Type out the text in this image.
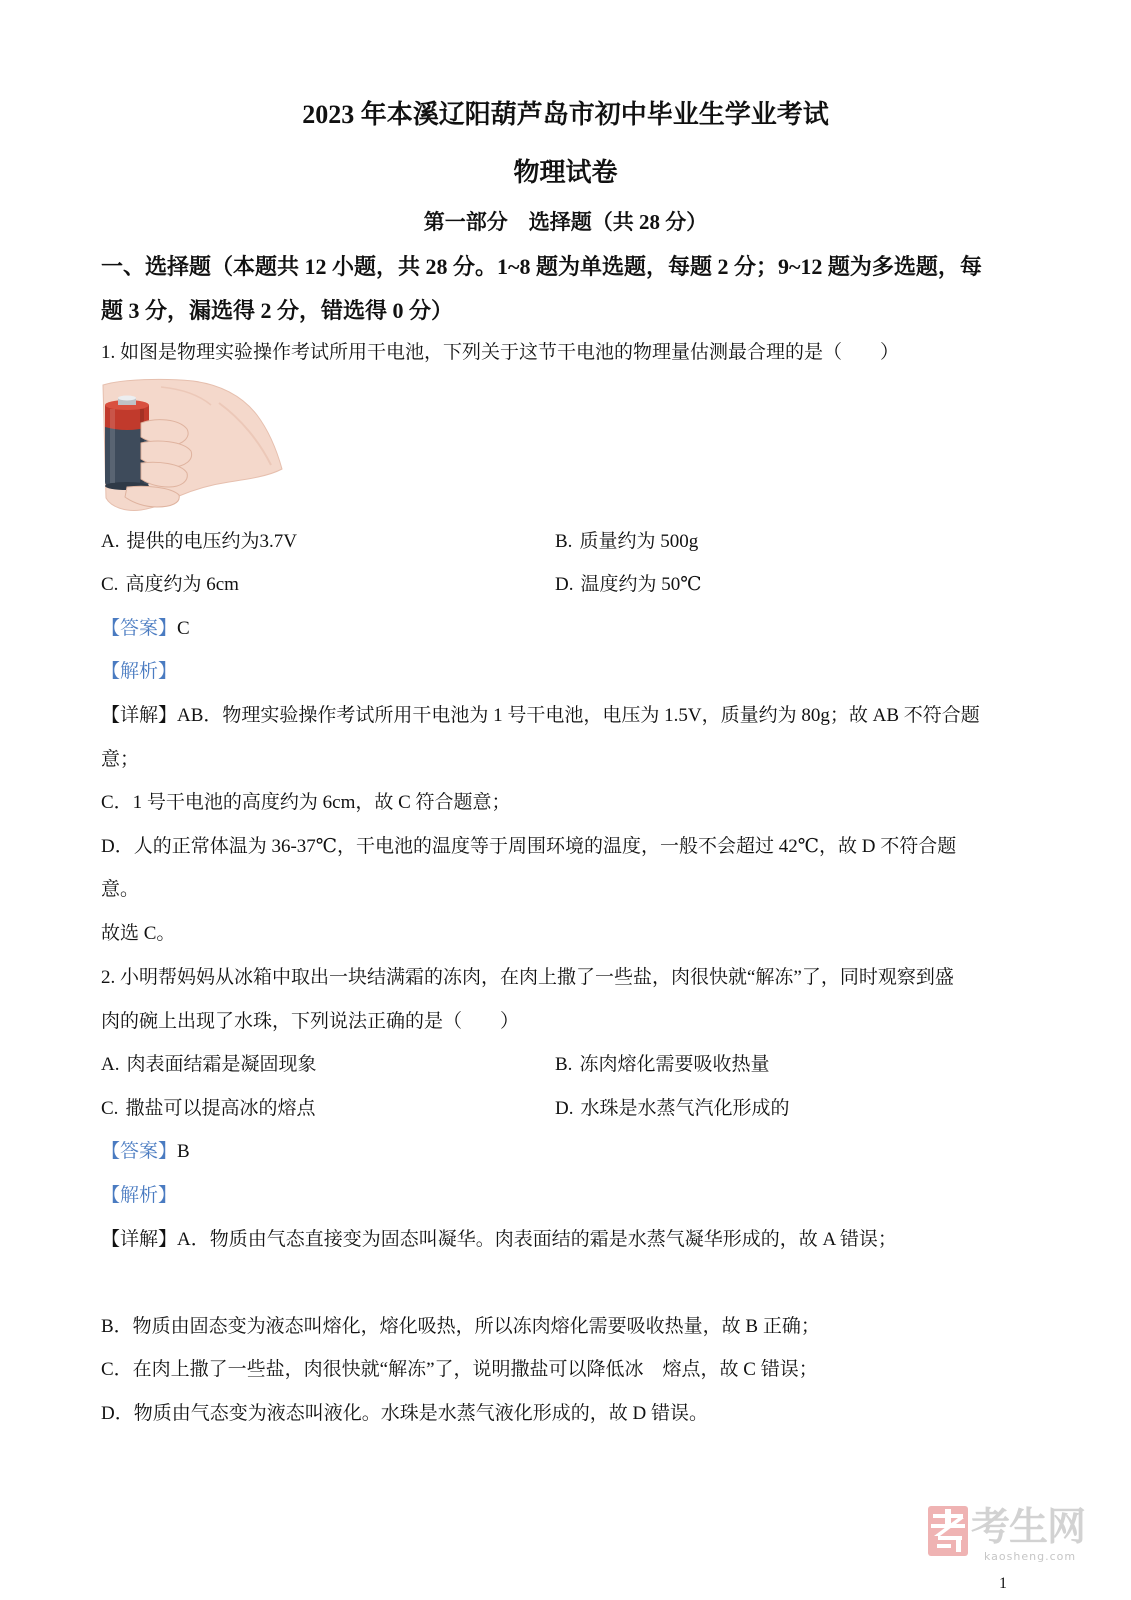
2023 年本溪辽阳葫芦岛市初中毕业生学业考试
物理试卷
第一部分　选择题（共 28 分）
一、选择题（本题共 12 小题，共 28 分。1~8 题为单选题，每题 2 分；9~12 题为多选题，每
题 3 分，漏选得 2 分，错选得 0 分）
1. 如图是物理实验操作考试所用干电池，下列关于这节干电池的物理量估测最合理的是（　　）
A. 提供的电压约为3.7V	B. 质量约为 500g
C. 高度约为 6cm	D. 温度约为 50℃
【答案】C
【解析】
【详解】AB．物理实验操作考试所用干电池为 1 号干电池，电压为 1.5V，质量约为 80g；故 AB 不符合题
意；
C．1 号干电池的高度约为 6cm，故 C 符合题意；
D．人的正常体温为 36-37℃，干电池的温度等于周围环境的温度，一般不会超过 42℃，故 D 不符合题
意。
故选 C。
2. 小明帮妈妈从冰箱中取出一块结满霜的冻肉，在肉上撒了一些盐，肉很快就“解冻”了，同时观察到盛
肉的碗上出现了水珠，下列说法正确的是（　　）
A. 肉表面结霜是凝固现象	B. 冻肉熔化需要吸收热量
C. 撒盐可以提高冰的熔点	D. 水珠是水蒸气汽化形成的
【答案】B
【解析】
【详解】A．物质由气态直接变为固态叫凝华。肉表面结的霜是水蒸气凝华形成的，故 A 错误；
B．物质由固态变为液态叫熔化，熔化吸热，所以冻肉熔化需要吸收热量，故 B 正确；
C．在肉上撒了一些盐，肉很快就“解冻”了，说明撒盐可以降低冰　熔点，故 C 错误；
D．物质由气态变为液态叫液化。水珠是水蒸气液化形成的，故 D 错误。
考生网
kaosheng.com
1
